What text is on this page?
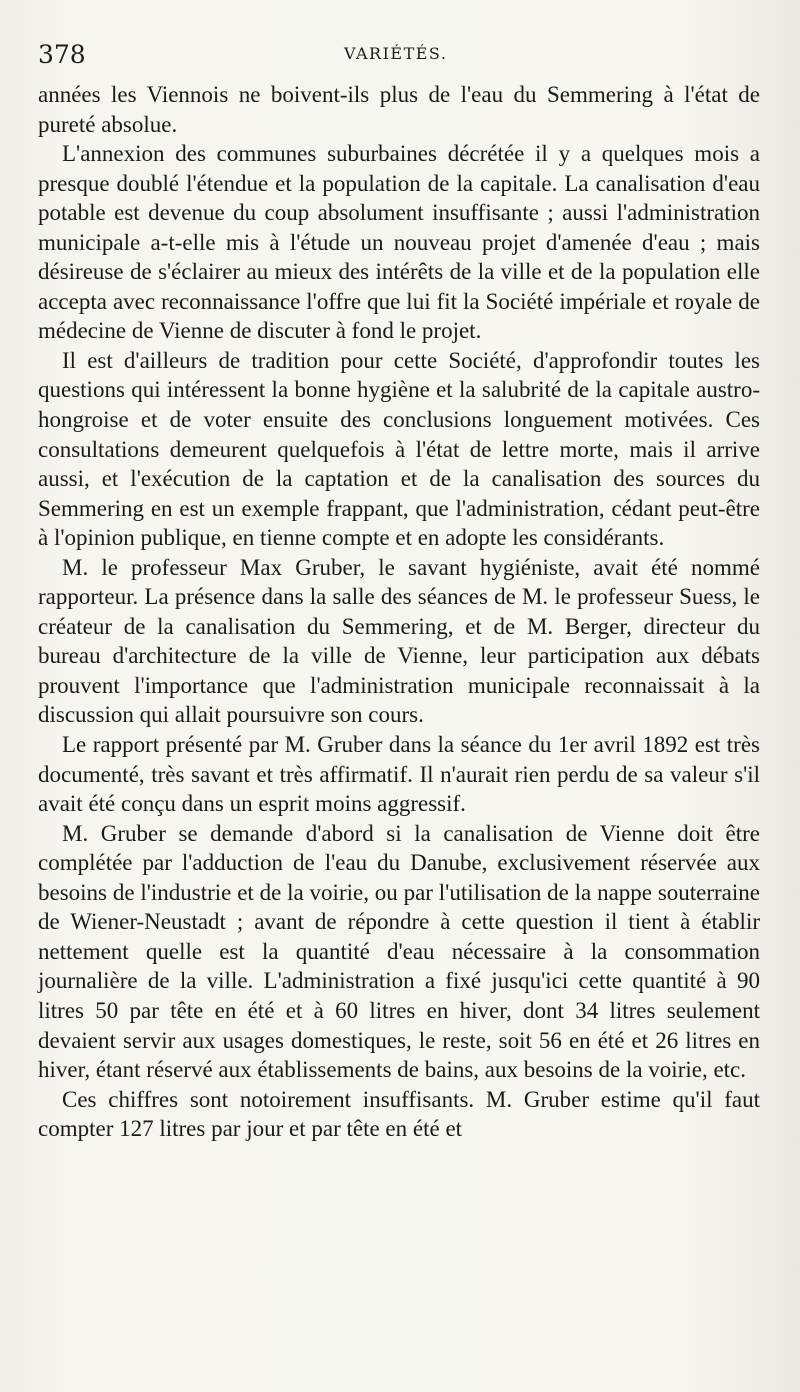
378	VARIÉTÉS.

années les Viennois ne boivent-ils plus de l'eau du Semmering à l'état de pureté absolue.

L'annexion des communes suburbaines décrétée il y a quelques mois a presque doublé l'étendue et la population de la capitale. La canalisation d'eau potable est devenue du coup absolument insuffisante ; aussi l'administration municipale a-t-elle mis à l'étude un nouveau projet d'amenée d'eau ; mais désireuse de s'éclairer au mieux des intérêts de la ville et de la population elle accepta avec reconnaissance l'offre que lui fit la Société impériale et royale de médecine de Vienne de discuter à fond le projet.

Il est d'ailleurs de tradition pour cette Société, d'approfondir toutes les questions qui intéressent la bonne hygiène et la salubrité de la capitale austro-hongroise et de voter ensuite des conclusions longuement motivées. Ces consultations demeurent quelquefois à l'état de lettre morte, mais il arrive aussi, et l'exécution de la captation et de la canalisation des sources du Semmering en est un exemple frappant, que l'administration, cédant peut-être à l'opinion publique, en tienne compte et en adopte les considérants.

M. le professeur Max Gruber, le savant hygiéniste, avait été nommé rapporteur. La présence dans la salle des séances de M. le professeur Suess, le créateur de la canalisation du Semmering, et de M. Berger, directeur du bureau d'architecture de la ville de Vienne, leur participation aux débats prouvent l'importance que l'administration municipale reconnaissait à la discussion qui allait poursuivre son cours.

Le rapport présenté par M. Gruber dans la séance du 1er avril 1892 est très documenté, très savant et très affirmatif. Il n'aurait rien perdu de sa valeur s'il avait été conçu dans un esprit moins aggressif.

M. Gruber se demande d'abord si la canalisation de Vienne doit être complétée par l'adduction de l'eau du Danube, exclusivement réservée aux besoins de l'industrie et de la voirie, ou par l'utilisation de la nappe souterraine de Wiener-Neustadt ; avant de répondre à cette question il tient à établir nettement quelle est la quantité d'eau nécessaire à la consommation journalière de la ville. L'administration a fixé jusqu'ici cette quantité à 90 litres 50 par tête en été et à 60 litres en hiver, dont 34 litres seulement devaient servir aux usages domestiques, le reste, soit 56 en été et 26 litres en hiver, étant réservé aux établissements de bains, aux besoins de la voirie, etc.

Ces chiffres sont notoirement insuffisants. M. Gruber estime qu'il faut compter 127 litres par jour et par tête en été et
